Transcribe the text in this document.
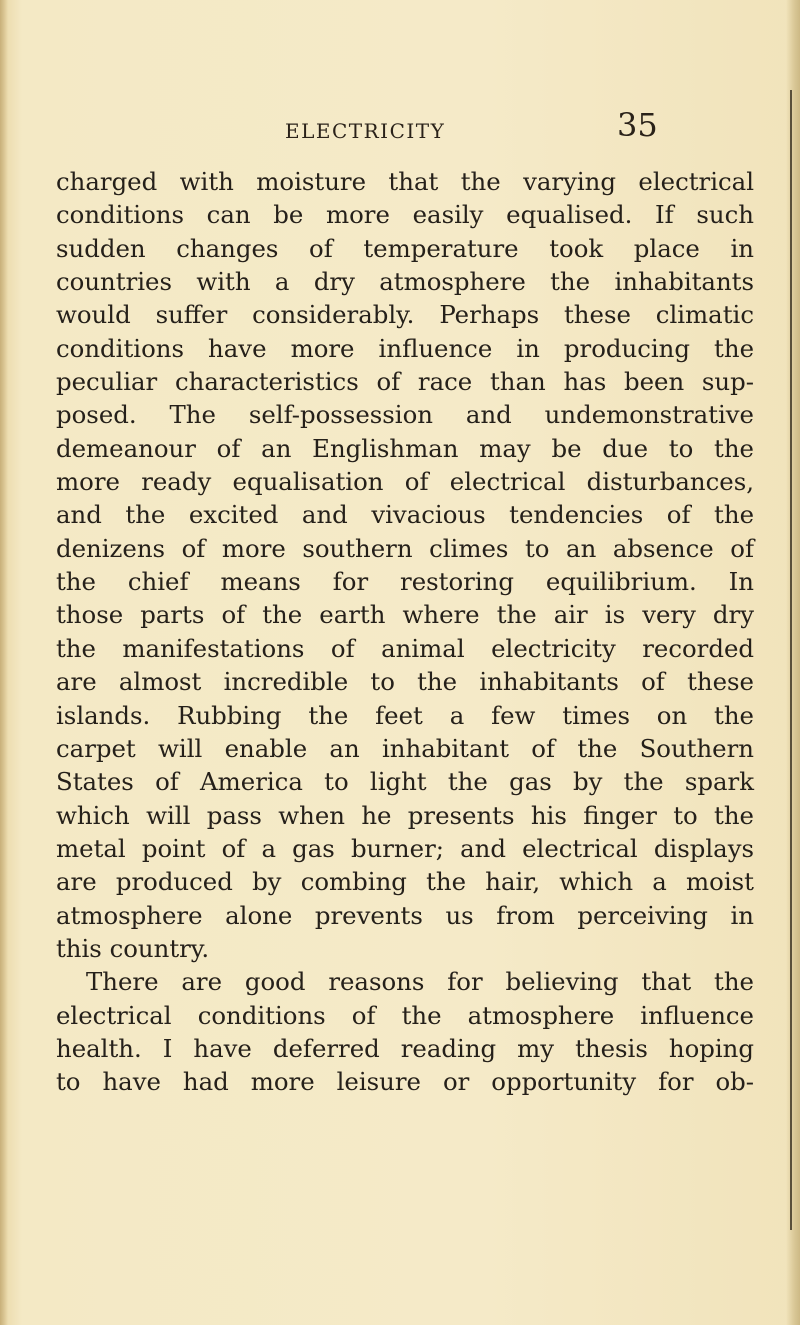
ELECTRICITY	35
charged with moisture that the varying electrical
conditions can be more easily equalised. If such
sudden changes of temperature took place in
countries with a dry atmosphere the inhabitants
would suffer considerably. Perhaps these climatic
conditions have more influence in producing the
peculiar characteristics of race than has been sup-
posed. The self-possession and undemonstrative
demeanour of an Englishman may be due to the
more ready equalisation of electrical disturbances,
and the excited and vivacious tendencies of the
denizens of more southern climes to an absence of
the chief means for restoring equilibrium. In
those parts of the earth where the air is very dry
the manifestations of animal electricity recorded
are almost incredible to the inhabitants of these
islands. Rubbing the feet a few times on the
carpet will enable an inhabitant of the Southern
States of America to light the gas by the spark
which will pass when he presents his finger to the
metal point of a gas burner; and electrical displays
are produced by combing the hair, which a moist
atmosphere alone prevents us from perceiving in
this country.
There are good reasons for believing that the
electrical conditions of the atmosphere influence
health. I have deferred reading my thesis hoping
to have had more leisure or opportunity for ob-
